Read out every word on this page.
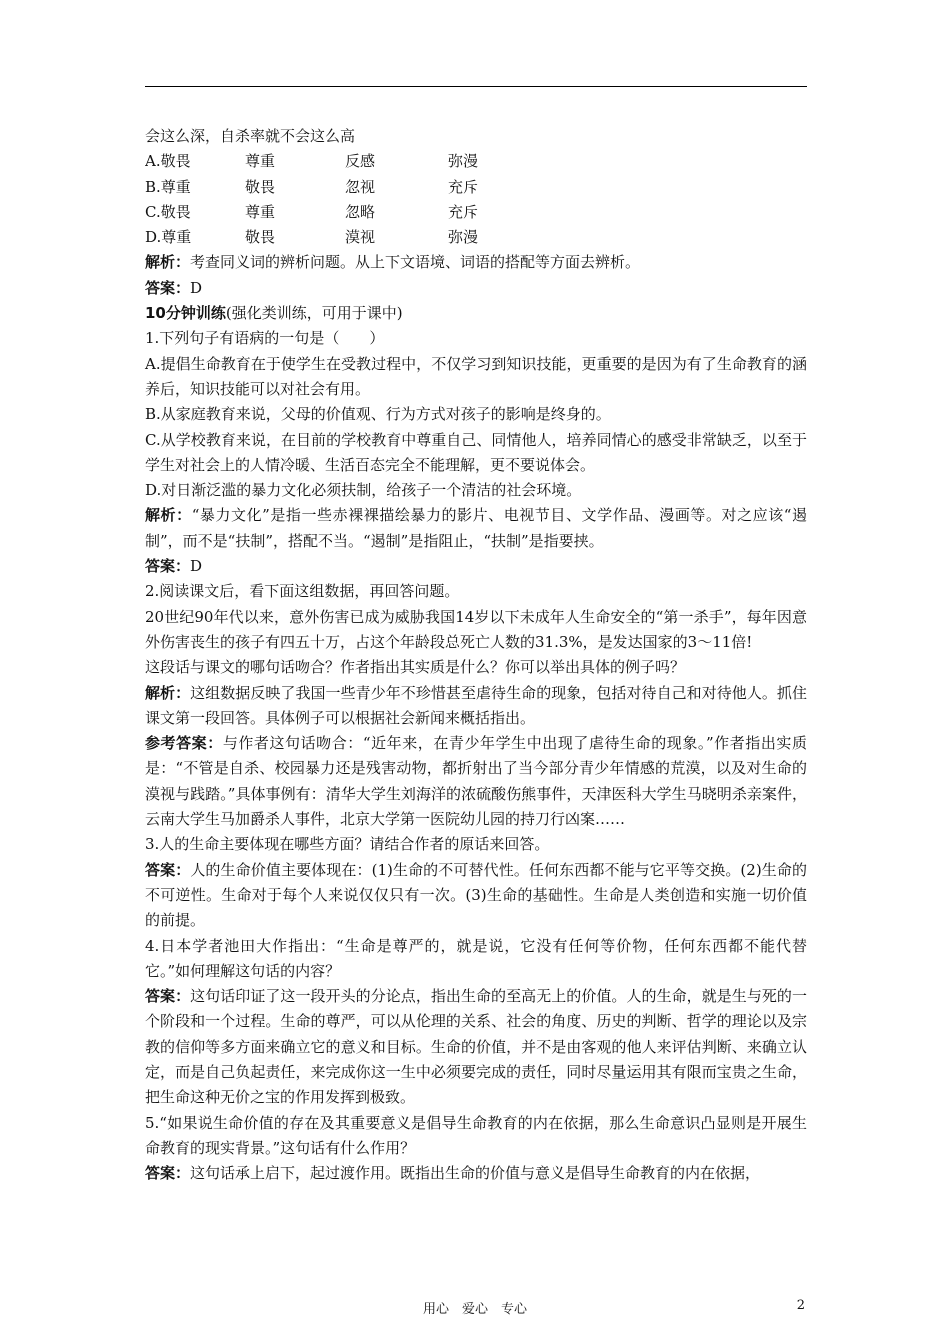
会这么深，自杀率就不会这么高
A.敬畏	尊重	反感	弥漫
B.尊重	敬畏	忽视	充斥
C.敬畏	尊重	忽略	充斥
D.尊重	敬畏	漠视	弥漫
解析：考查同义词的辨析问题。从上下文语境、词语的搭配等方面去辨析。
答案：D
10分钟训练(强化类训练，可用于课中)
1.下列句子有语病的一句是（　　）
A.提倡生命教育在于使学生在受教过程中，不仅学习到知识技能，更重要的是因为有了生命教育的涵养后，知识技能可以对社会有用。
B.从家庭教育来说，父母的价值观、行为方式对孩子的影响是终身的。
C.从学校教育来说，在目前的学校教育中尊重自己、同情他人，培养同情心的感受非常缺乏，以至于学生对社会上的人情冷暖、生活百态完全不能理解，更不要说体会。
D.对日渐泛滥的暴力文化必须扶制，给孩子一个清洁的社会环境。
解析：“暴力文化”是指一些赤裸裸描绘暴力的影片、电视节目、文学作品、漫画等。对之应该“遏制”，而不是“扶制”，搭配不当。“遏制”是指阻止，“扶制”是指要挟。
答案：D
2.阅读课文后，看下面这组数据，再回答问题。
20世纪90年代以来，意外伤害已成为威胁我国14岁以下未成年人生命安全的“第一杀手”，每年因意外伤害丧生的孩子有四五十万，占这个年龄段总死亡人数的31.3%，是发达国家的3～11倍!
这段话与课文的哪句话吻合？作者指出其实质是什么？你可以举出具体的例子吗？
解析：这组数据反映了我国一些青少年不珍惜甚至虐待生命的现象，包括对待自己和对待他人。抓住课文第一段回答。具体例子可以根据社会新闻来概括指出。
参考答案：与作者这句话吻合：“近年来，在青少年学生中出现了虐待生命的现象。”作者指出实质是：“不管是自杀、校园暴力还是残害动物，都折射出了当今部分青少年情感的荒漠，以及对生命的漠视与践踏。”具体事例有：清华大学生刘海洋的浓硫酸伤熊事件，天津医科大学生马晓明杀亲案件，云南大学生马加爵杀人事件，北京大学第一医院幼儿园的持刀行凶案……
3.人的生命主要体现在哪些方面？请结合作者的原话来回答。
答案：人的生命价值主要体现在：(1)生命的不可替代性。任何东西都不能与它平等交换。(2)生命的不可逆性。生命对于每个人来说仅仅只有一次。(3)生命的基础性。生命是人类创造和实施一切价值的前提。
4.日本学者池田大作指出：“生命是尊严的，就是说，它没有任何等价物，任何东西都不能代替它。”如何理解这句话的内容？
答案：这句话印证了这一段开头的分论点，指出生命的至高无上的价值。人的生命，就是生与死的一个阶段和一个过程。生命的尊严，可以从伦理的关系、社会的角度、历史的判断、哲学的理论以及宗教的信仰等多方面来确立它的意义和目标。生命的价值，并不是由客观的他人来评估判断、来确立认定，而是自己负起责任，来完成你这一生中必须要完成的责任，同时尽量运用其有限而宝贵之生命，把生命这种无价之宝的作用发挥到极致。
5.“如果说生命价值的存在及其重要意义是倡导生命教育的内在依据，那么生命意识凸显则是开展生命教育的现实背景。”这句话有什么作用？
答案：这句话承上启下，起过渡作用。既指出生命的价值与意义是倡导生命教育的内在依据，
用心　爱心　专心	2
